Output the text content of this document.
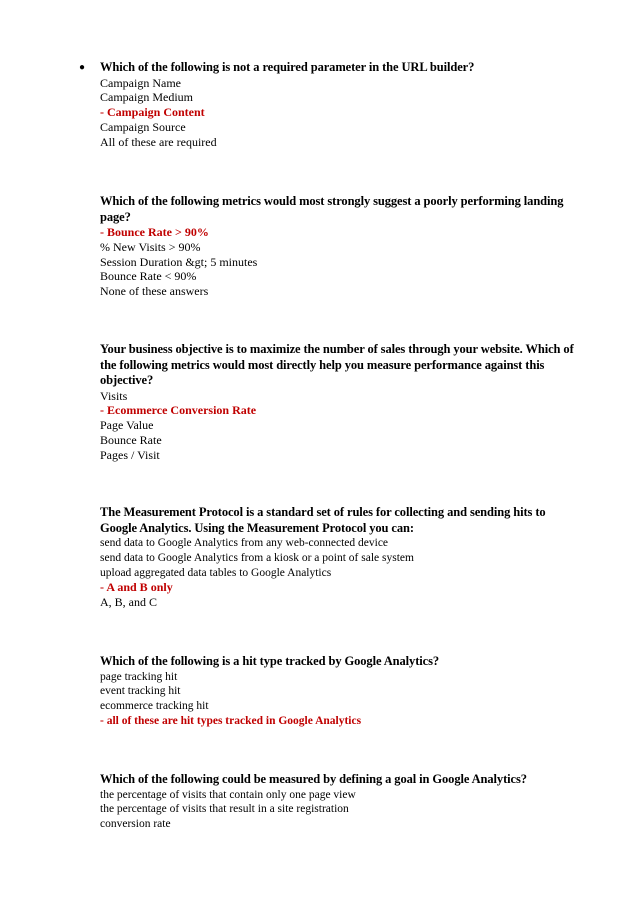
● Which of the following is not a required parameter in the URL builder?
Campaign Name
Campaign Medium
- Campaign Content
Campaign Source
All of these are required
Which of the following metrics would most strongly suggest a poorly performing landing page?
- Bounce Rate > 90%
% New Visits > 90%
Session Duration &gt; 5 minutes
Bounce Rate < 90%
None of these answers
Your business objective is to maximize the number of sales through your website. Which of the following metrics would most directly help you measure performance against this objective?
Visits
- Ecommerce Conversion Rate
Page Value
Bounce Rate
Pages / Visit
The Measurement Protocol is a standard set of rules for collecting and sending hits to Google Analytics. Using the Measurement Protocol you can:
send data to Google Analytics from any web-connected device
send data to Google Analytics from a kiosk or a point of sale system
upload aggregated data tables to Google Analytics
- A and B only
A, B, and C
Which of the following is a hit type tracked by Google Analytics?
page tracking hit
event tracking hit
ecommerce tracking hit
- all of these are hit types tracked in Google Analytics
Which of the following could be measured by defining a goal in Google Analytics?
the percentage of visits that contain only one page view
the percentage of visits that result in a site registration
conversion rate
